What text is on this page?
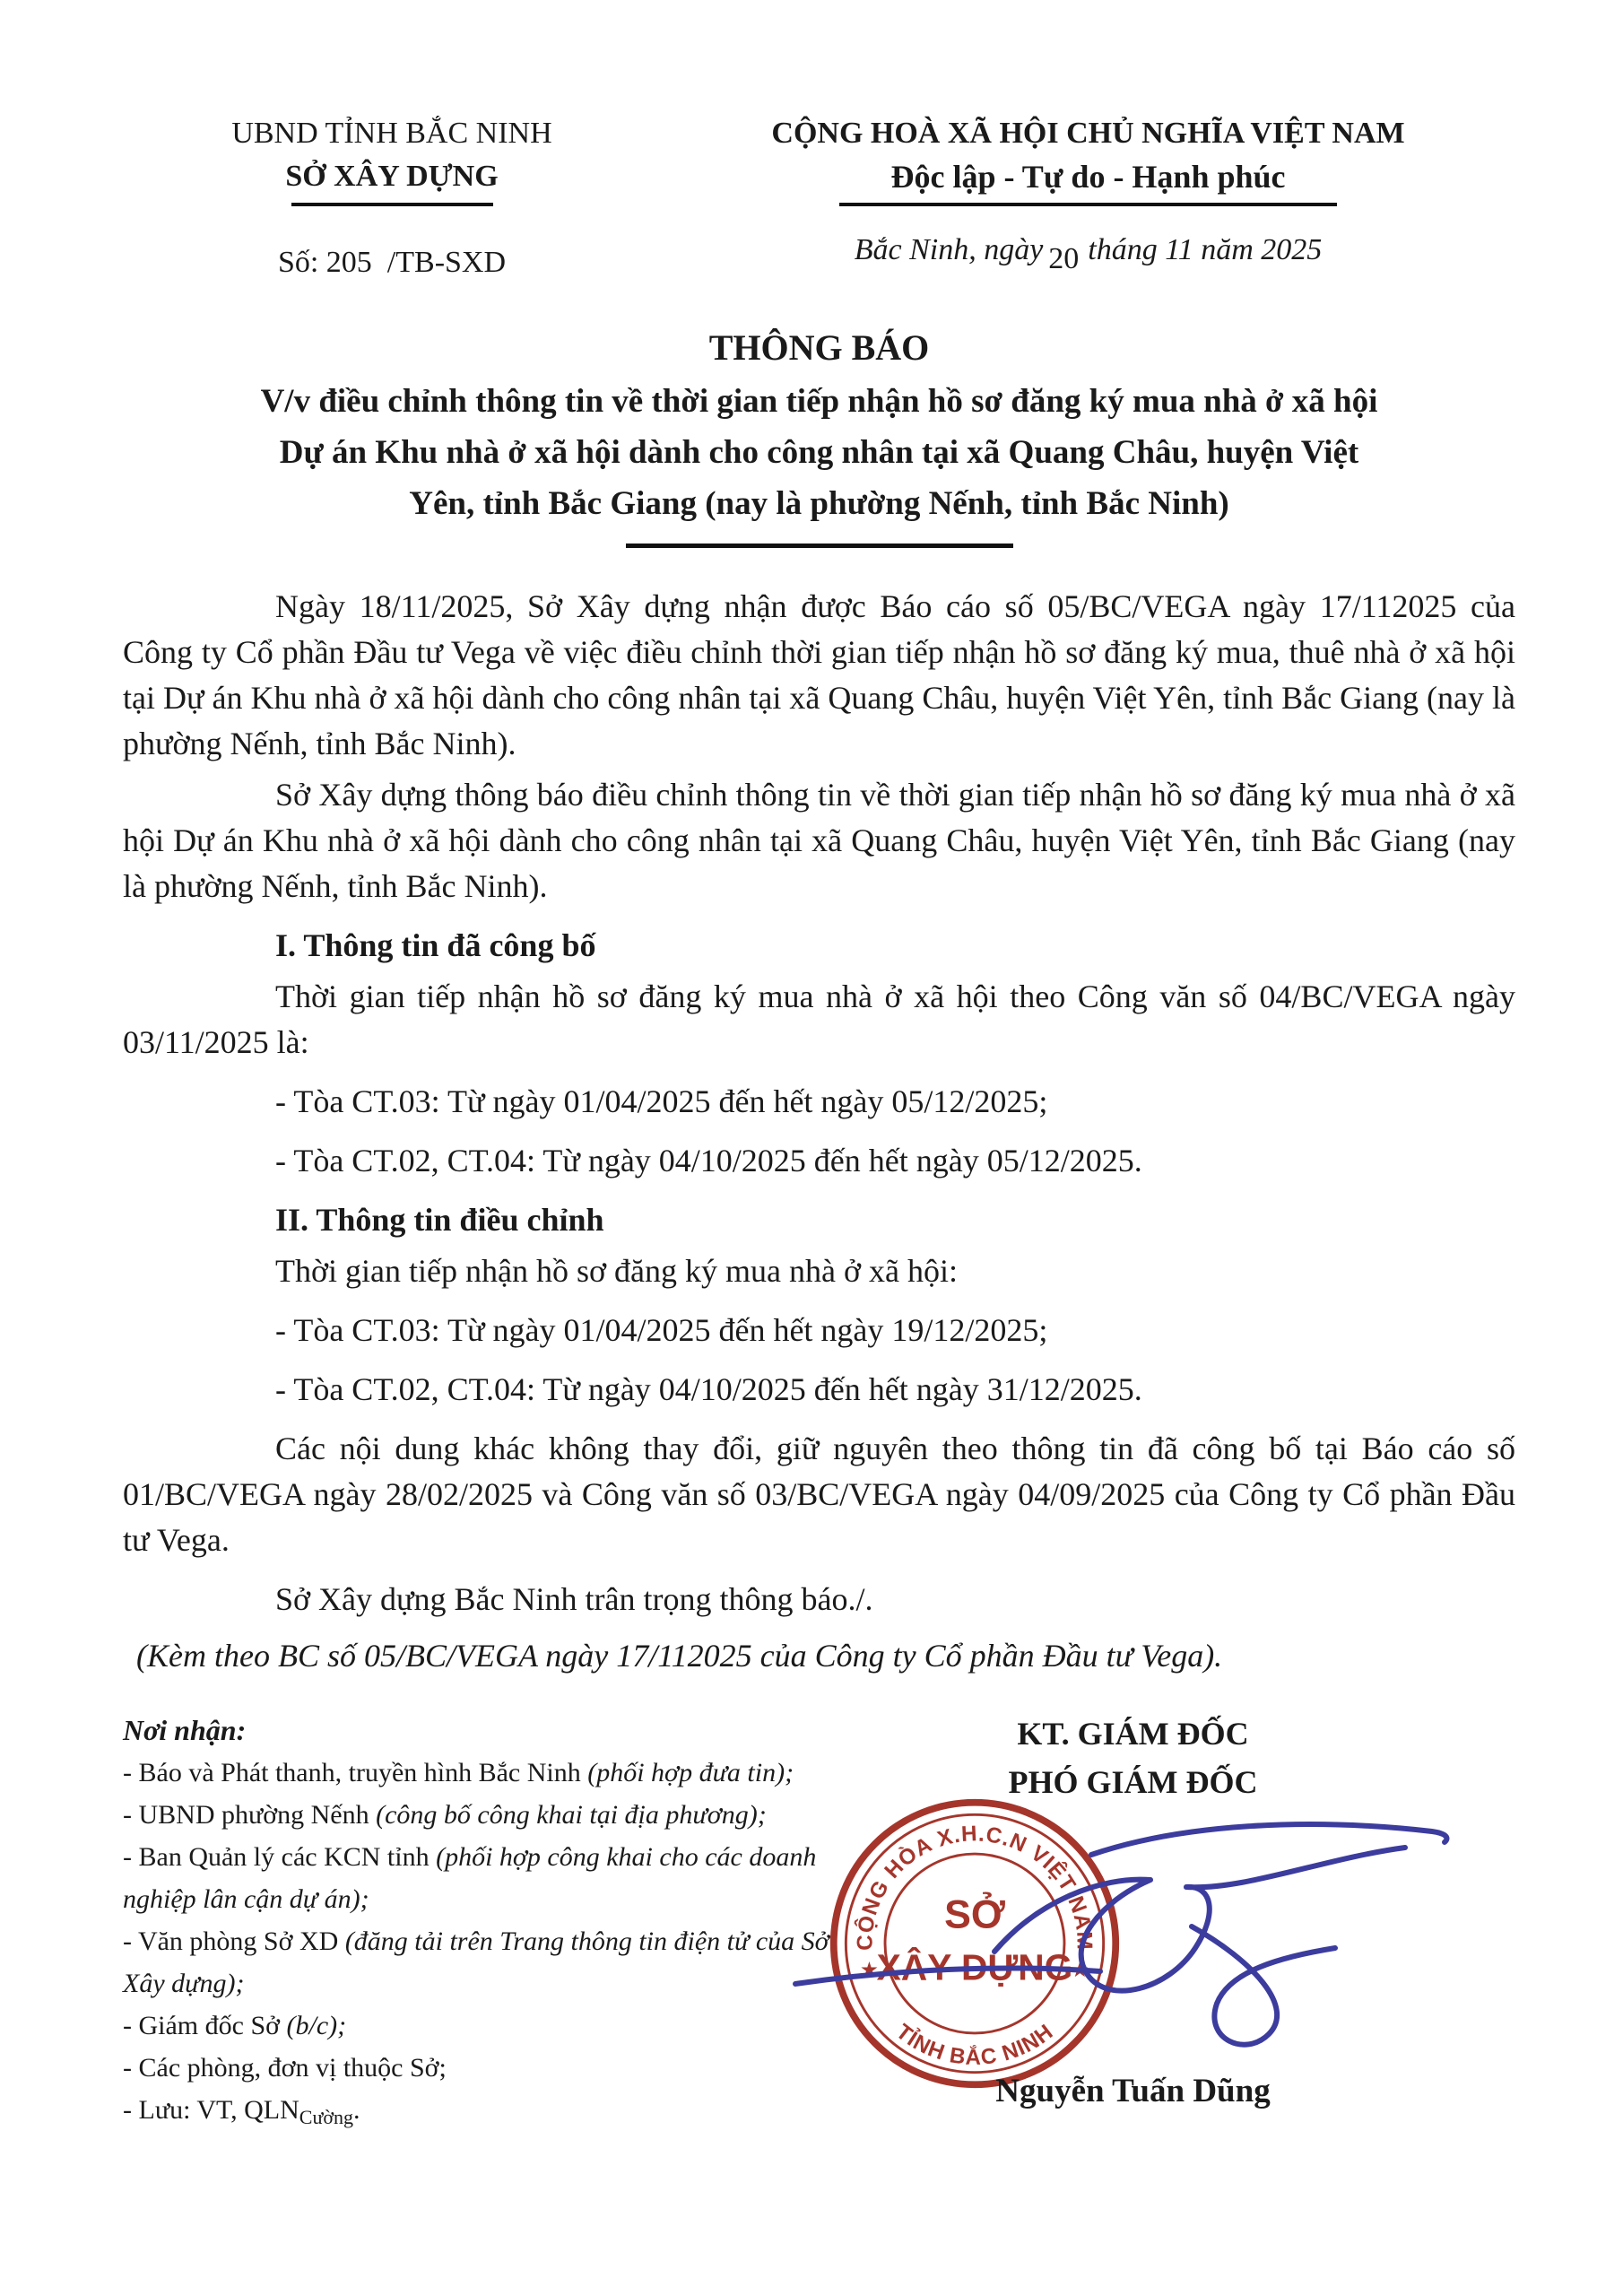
UBND TỈNH BẮC NINH
SỞ XÂY DỰNG
Số: 205  /TB-SXD
CỘNG HOÀ XÃ HỘI CHỦ NGHĨA VIỆT NAM
Độc lập - Tự do - Hạnh phúc
Bắc Ninh, ngày 20 tháng 11 năm 2025
THÔNG BÁO
V/v điều chỉnh thông tin về thời gian tiếp nhận hồ sơ đăng ký mua nhà ở xã hội
Dự án Khu nhà ở xã hội dành cho công nhân tại xã Quang Châu, huyện Việt
Yên, tỉnh Bắc Giang (nay là phường Nếnh, tỉnh Bắc Ninh)

Ngày 18/11/2025, Sở Xây dựng nhận được Báo cáo số 05/BC/VEGA ngày 17/112025 của Công ty Cổ phần Đầu tư Vega về việc điều chỉnh thời gian tiếp nhận hồ sơ đăng ký mua, thuê nhà ở xã hội tại Dự án Khu nhà ở xã hội dành cho công nhân tại xã Quang Châu, huyện Việt Yên, tỉnh Bắc Giang (nay là phường Nếnh, tỉnh Bắc Ninh).

Sở Xây dựng thông báo điều chỉnh thông tin về thời gian tiếp nhận hồ sơ đăng ký mua nhà ở xã hội Dự án Khu nhà ở xã hội dành cho công nhân tại xã Quang Châu, huyện Việt Yên, tỉnh Bắc Giang (nay là phường Nếnh, tỉnh Bắc Ninh).

I. Thông tin đã công bố

Thời gian tiếp nhận hồ sơ đăng ký mua nhà ở xã hội theo Công văn số 04/BC/VEGA ngày 03/11/2025 là:

- Tòa CT.03: Từ ngày 01/04/2025 đến hết ngày 05/12/2025;
- Tòa CT.02, CT.04: Từ ngày 04/10/2025 đến hết ngày 05/12/2025.
II. Thông tin điều chỉnh

Thời gian tiếp nhận hồ sơ đăng ký mua nhà ở xã hội:

- Tòa CT.03: Từ ngày 01/04/2025 đến hết ngày 19/12/2025;
- Tòa CT.02, CT.04: Từ ngày 04/10/2025 đến hết ngày 31/12/2025.

Các nội dung khác không thay đổi, giữ nguyên theo thông tin đã công bố tại Báo cáo số 01/BC/VEGA ngày 28/02/2025 và Công văn số 03/BC/VEGA ngày 04/09/2025 của Công ty Cổ phần Đầu tư Vega.

Sở Xây dựng Bắc Ninh trân trọng thông báo./.
(Kèm theo BC số 05/BC/VEGA ngày 17/112025 của Công ty Cổ phần Đầu tư Vega).
Nơi nhận:
- Báo và Phát thanh, truyền hình Bắc Ninh (phối hợp đưa tin);
- UBND phường Nếnh (công bố công khai tại địa phương);
- Ban Quản lý các KCN tỉnh (phối hợp công khai cho các doanh nghiệp lân cận dự án);
- Văn phòng Sở XD (đăng tải trên Trang thông tin điện tử của Sở Xây dựng);
- Giám đốc Sở (b/c);
- Các phòng, đơn vị thuộc Sở;
- Lưu: VT, $QLN_{Cường}$.
KT. GIÁM ĐỐC
PHÓ GIÁM ĐỐC
CỘNG HÒA X.H.C.N VIỆT NAM
TỈNH BẮC NINH
SỞ
XÂY DỰNG
★	★
Nguyễn Tuấn Dũng
